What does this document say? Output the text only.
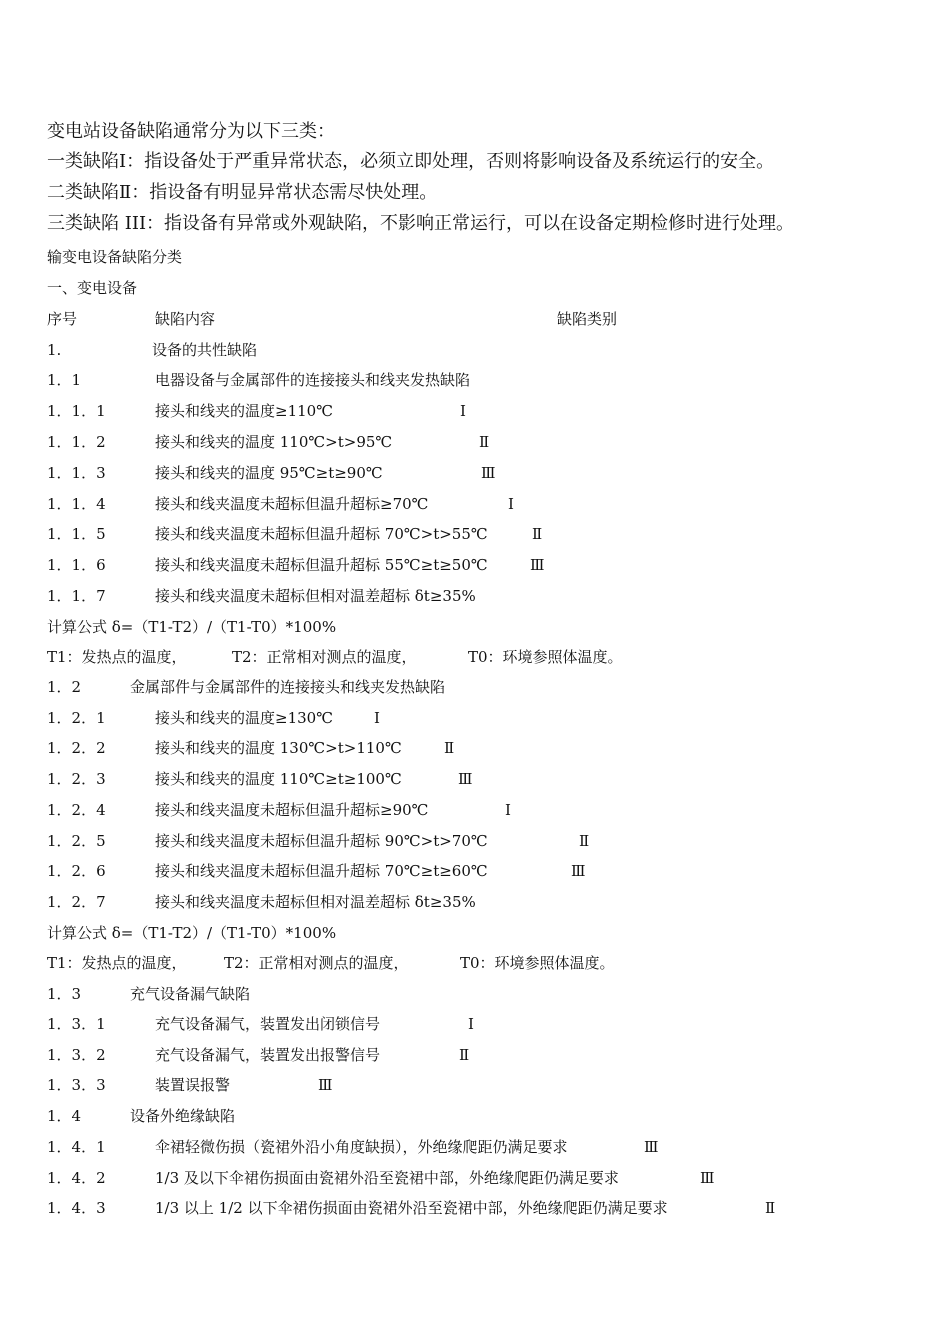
变电站设备缺陷通常分为以下三类：
一类缺陷Ⅰ：指设备处于严重异常状态，必须立即处理，否则将影响设备及系统运行的安全。
二类缺陷Ⅱ：指设备有明显异常状态需尽快处理。
三类缺陷 III：指设备有异常或外观缺陷，不影响正常运行，可以在设备定期检修时进行处理。
输变电设备缺陷分类
一、变电设备
序号	缺陷内容	缺陷类别
1.	设备的共性缺陷
1．1	电器设备与金属部件的连接接头和线夹发热缺陷
1．1．1	接头和线夹的温度≥110℃	Ⅰ
1．1．2	接头和线夹的温度 110℃>t>95℃	Ⅱ
1．1．3	接头和线夹的温度 95℃≥t≥90℃	Ⅲ
1．1．4	接头和线夹温度未超标但温升超标≥70℃	Ⅰ
1．1．5	接头和线夹温度未超标但温升超标 70℃>t>55℃	Ⅱ
1．1．6	接头和线夹温度未超标但温升超标 55℃≥t≥50℃	Ⅲ
1．1．7	接头和线夹温度未超标但相对温差超标 δt≥35%
计算公式 δ=（T1-T2）/（T1-T0）*100%
T1：发热点的温度，	T2：正常相对测点的温度，	T0：环境参照体温度。
1．2	金属部件与金属部件的连接接头和线夹发热缺陷
1．2．1	接头和线夹的温度≥130℃	Ⅰ
1．2．2	接头和线夹的温度 130℃>t>110℃	Ⅱ
1．2．3	接头和线夹的温度 110℃≥t≥100℃	Ⅲ
1．2．4	接头和线夹温度未超标但温升超标≥90℃	Ⅰ
1．2．5	接头和线夹温度未超标但温升超标 90℃>t>70℃	Ⅱ
1．2．6	接头和线夹温度未超标但温升超标 70℃≥t≥60℃	Ⅲ
1．2．7	接头和线夹温度未超标但相对温差超标 δt≥35%
计算公式 δ=（T1-T2）/（T1-T0）*100%
T1：发热点的温度， T2：正常相对测点的温度，	T0：环境参照体温度。
1．3	充气设备漏气缺陷
1．3．1	充气设备漏气，装置发出闭锁信号	Ⅰ
1．3．2	充气设备漏气，装置发出报警信号	Ⅱ
1．3．3	装置误报警	Ⅲ
1．4	设备外绝缘缺陷
1．4．1	伞裙轻微伤损（瓷裙外沿小角度缺损），外绝缘爬距仍满足要求	Ⅲ
1．4．2	1/3 及以下伞裙伤损面由瓷裙外沿至瓷裙中部，外绝缘爬距仍满足要求	Ⅲ
1．4．3	1/3 以上 1/2 以下伞裙伤损面由瓷裙外沿至瓷裙中部，外绝缘爬距仍满足要求	Ⅱ
